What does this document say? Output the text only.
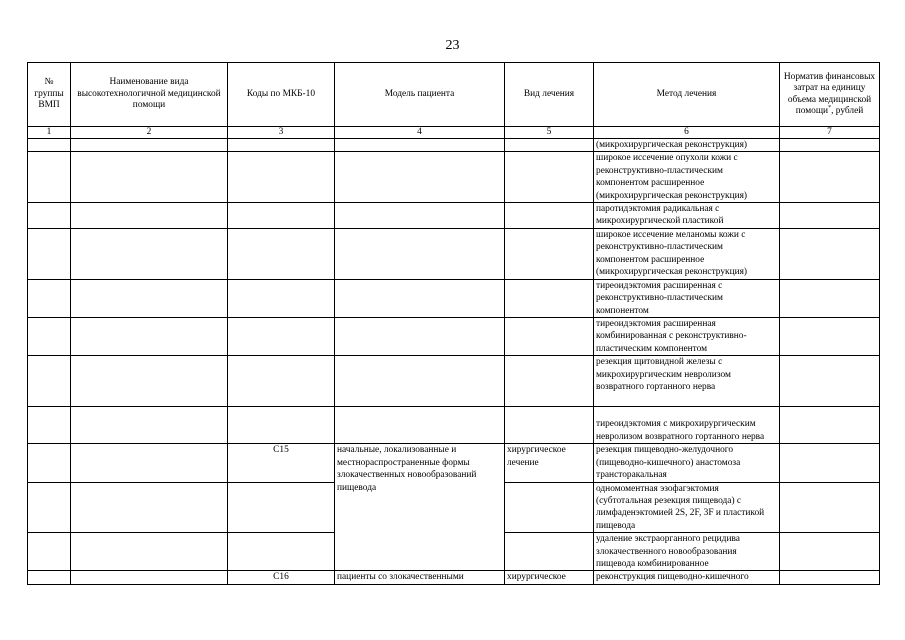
23
№ группы ВМП	Наименование вида высокотехнологичной медицинской помощи	Коды по МКБ-10	Модель пациента	Вид лечения	Метод лечения	Норматив финансовых затрат на единицу объема медицинской помощи*, рублей
1	2	3	4	5	6	7
					(микрохирургическая реконструкция)	
					широкое иссечение опухоли кожи с реконструктивно-пластическим компонентом расширенное (микрохирургическая реконструкция)	
					паротидэктомия радикальная с микрохирургической пластикой	
					широкое иссечение меланомы кожи с реконструктивно-пластическим компонентом расширенное (микрохирургическая реконструкция)	
					тиреоидэктомия расширенная с реконструктивно-пластическим компонентом	
					тиреоидэктомия расширенная комбинированная с реконструктивно-пластическим компонентом	
					резекция щитовидной железы с микрохирургическим невролизом возвратного гортанного нерва	
					тиреоидэктомия с микрохирургическим невролизом возвратного гортанного нерва	
		C15	начальные, локализованные и местнораспространенные формы злокачественных новообразований пищевода	хирургическое лечение	резекция пищеводно-желудочного (пищеводно-кишечного) анастомоза трансторакальная	
					одномоментная эзофагэктомия (субтотальная резекция пищевода) с лимфаденэктомией 2S, 2F, 3F и пластикой пищевода	
					удаление экстраорганного рецидива злокачественного новообразования пищевода комбинированное	
		C16	пациенты со злокачественными	хирургическое	реконструкция пищеводно-кишечного	
